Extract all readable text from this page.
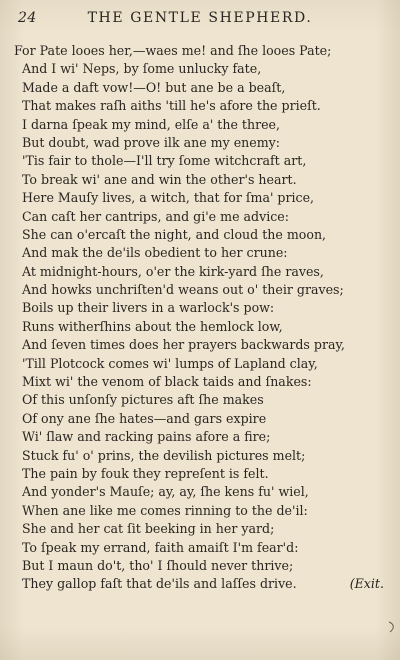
24	THE GENTLE SHEPHERD.
For Pate looes her,—waes me! and ſhe looes Pate;
And I wi' Neps, by ſome unlucky fate,
Made a daft vow!—O! but ane be a beaſt,
That makes raſh aiths 'till he's afore the prieſt.
I darna ſpeak my mind, elſe a' the three,
But doubt, wad prove ilk ane my enemy:
'Tis fair to thole—I'll try ſome witchcraft art,
To break wi' ane and win the other's heart.
Here Mauſy lives, a witch, that for ſma' price,
Can caſt her cantrips, and gi'e me advice:
She can o'ercaſt the night, and cloud the moon,
And mak the de'ils obedient to her crune:
At midnight-hours, o'er the kirk-yard ſhe raves,
And howks unchriſten'd weans out o' their graves;
Boils up their livers in a warlock's pow:
Runs witherſhins about the hemlock low,
And ſeven times does her prayers backwards pray,
'Till Plotcock comes wi' lumps of Lapland clay,
Mixt wi' the venom of black taids and ſnakes:
Of this unſonſy pictures aft ſhe makes
Of ony ane ſhe hates—and gars expire
Wi' ſlaw and racking pains afore a fire;
Stuck fu' o' prins, the devilish pictures melt;
The pain by fouk they repreſent is felt.
And yonder's Mauſe; ay, ay, ſhe kens fu' wiel,
When ane like me comes rinning to the de'il:
She and her cat ſit beeking in her yard;
To ſpeak my errand, faith amaiſt I'm fear'd:
But I maun do't, tho' I ſhould never thrive;
They gallop faſt that de'ils and laſſes drive.	(Exit.
